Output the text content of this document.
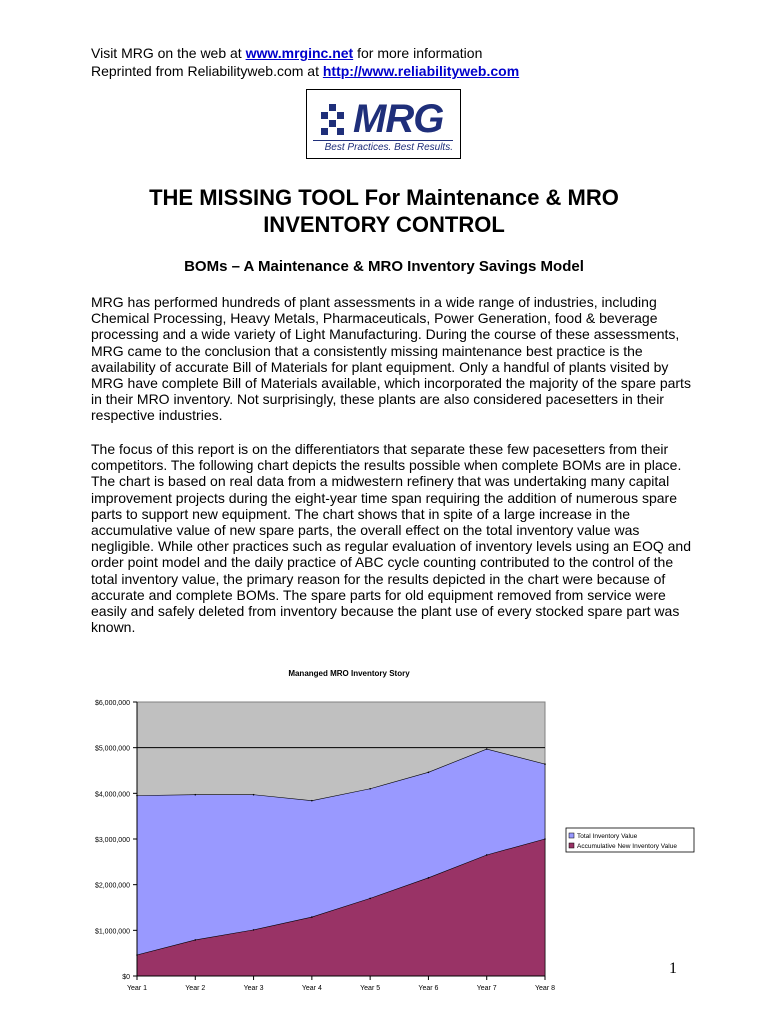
Visit MRG on the web at www.mrginc.net for more information
Reprinted from Reliabilityweb.com at http://www.reliabilityweb.com
MRG
Best Practices. Best Results.
THE MISSING TOOL For Maintenance & MRO
INVENTORY CONTROL
BOMs – A Maintenance & MRO Inventory Savings Model

MRG has performed hundreds of plant assessments in a wide range of industries, including Chemical Processing, Heavy Metals, Pharmaceuticals, Power Generation, food & beverage processing and a wide variety of Light Manufacturing. During the course of these assessments, MRG came to the conclusion that a consistently missing maintenance best practice is the availability of accurate Bill of Materials for plant equipment. Only a handful of plants visited by MRG have complete Bill of Materials available, which incorporated the majority of the spare parts in their MRO inventory. Not surprisingly, these plants are also considered pacesetters in their respective industries.

The focus of this report is on the differentiators that separate these few pacesetters from their competitors. The following chart depicts the results possible when complete BOMs are in place. The chart is based on real data from a midwestern refinery that was undertaking many capital improvement projects during the eight-year time span requiring the addition of numerous spare parts to support new equipment. The chart shows that in spite of a large increase in the accumulative value of new spare parts, the overall effect on the total inventory value was negligible. While other practices such as regular evaluation of inventory levels using an EOQ and order point model and the daily practice of ABC cycle counting contributed to the control of the total inventory value, the primary reason for the results depicted in the chart were because of accurate and complete BOMs. The spare parts for old equipment removed from service were easily and safely deleted from inventory because the plant use of every stocked spare part was known.

Mananged MRO Inventory Story
$0
$1,000,000
$2,000,000
$3,000,000
$4,000,000
$5,000,000
$6,000,000
Year 1	Year 2	Year 3	Year 4	Year 5	Year 6	Year 7	Year 8
Total Inventory Value
Accumulative New Inventory Value
1
